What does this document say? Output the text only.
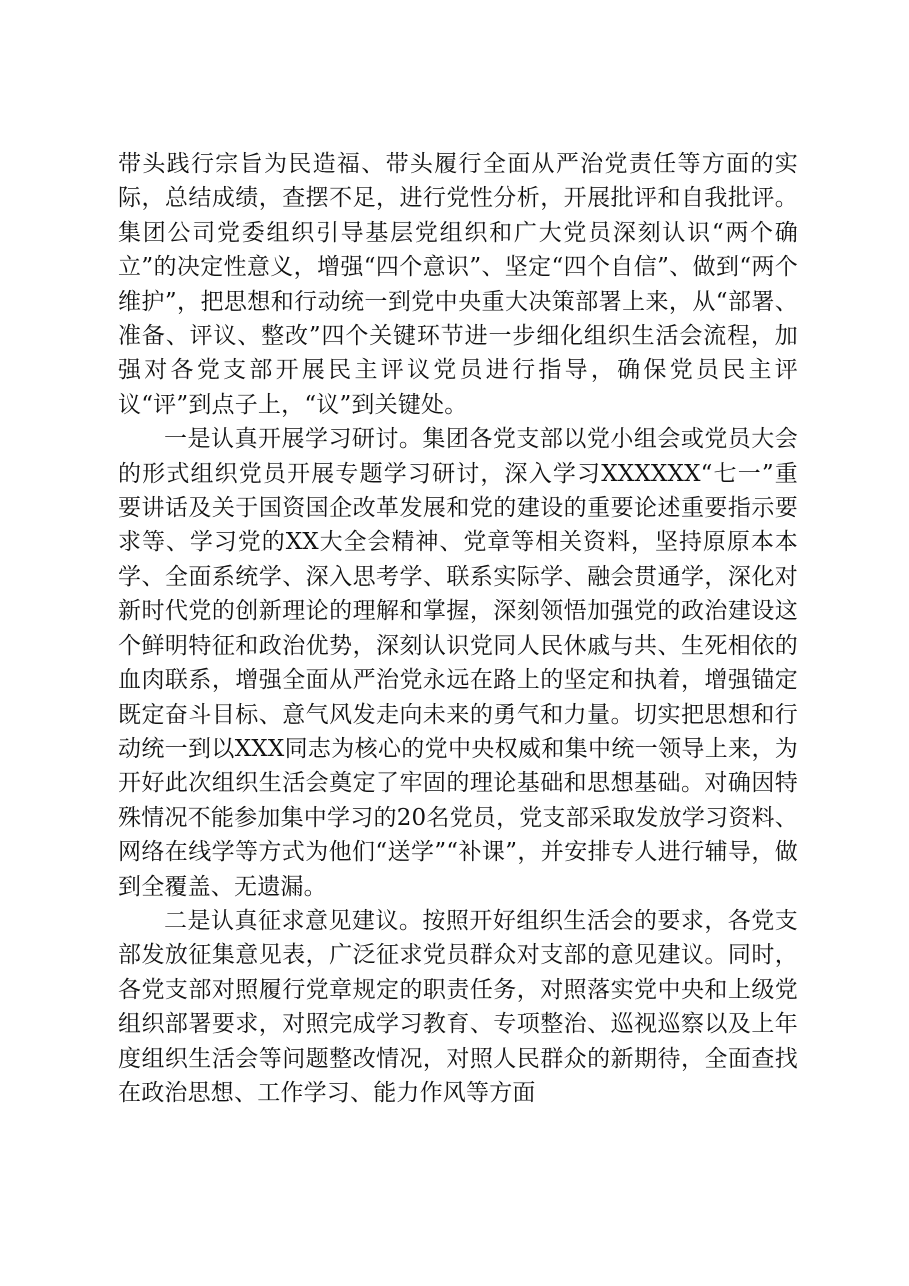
带头践行宗旨为民造福、带头履行全面从严治党责任等方面的实际，总结成绩，查摆不足，进行党性分析，开展批评和自我批评。集团公司党委组织引导基层党组织和广大党员深刻认识“两个确立”的决定性意义，增强“四个意识”、坚定“四个自信”、做到“两个维护”，把思想和行动统一到党中央重大决策部署上来，从“部署、准备、评议、整改”四个关键环节进一步细化组织生活会流程，加强对各党支部开展民主评议党员进行指导，确保党员民主评议“评”到点子上，“议”到关键处。

一是认真开展学习研讨。集团各党支部以党小组会或党员大会的形式组织党员开展专题学习研讨，深入学习XXXXXX“七一”重要讲话及关于国资国企改革发展和党的建设的重要论述重要指示要求等、学习党的XX大全会精神、党章等相关资料，坚持原原本本学、全面系统学、深入思考学、联系实际学、融会贯通学，深化对新时代党的创新理论的理解和掌握，深刻领悟加强党的政治建设这个鲜明特征和政治优势，深刻认识党同人民休戚与共、生死相依的血肉联系，增强全面从严治党永远在路上的坚定和执着，增强锚定既定奋斗目标、意气风发走向未来的勇气和力量。切实把思想和行动统一到以XXX同志为核心的党中央权威和集中统一领导上来，为开好此次组织生活会奠定了牢固的理论基础和思想基础。对确因特殊情况不能参加集中学习的20名党员，党支部采取发放学习资料、网络在线学等方式为他们“送学”“补课”，并安排专人进行辅导，做到全覆盖、无遗漏。

二是认真征求意见建议。按照开好组织生活会的要求，各党支部发放征集意见表，广泛征求党员群众对支部的意见建议。同时，各党支部对照履行党章规定的职责任务，对照落实党中央和上级党组织部署要求，对照完成学习教育、专项整治、巡视巡察以及上年度组织生活会等问题整改情况，对照人民群众的新期待，全面查找在政治思想、工作学习、能力作风等方面
